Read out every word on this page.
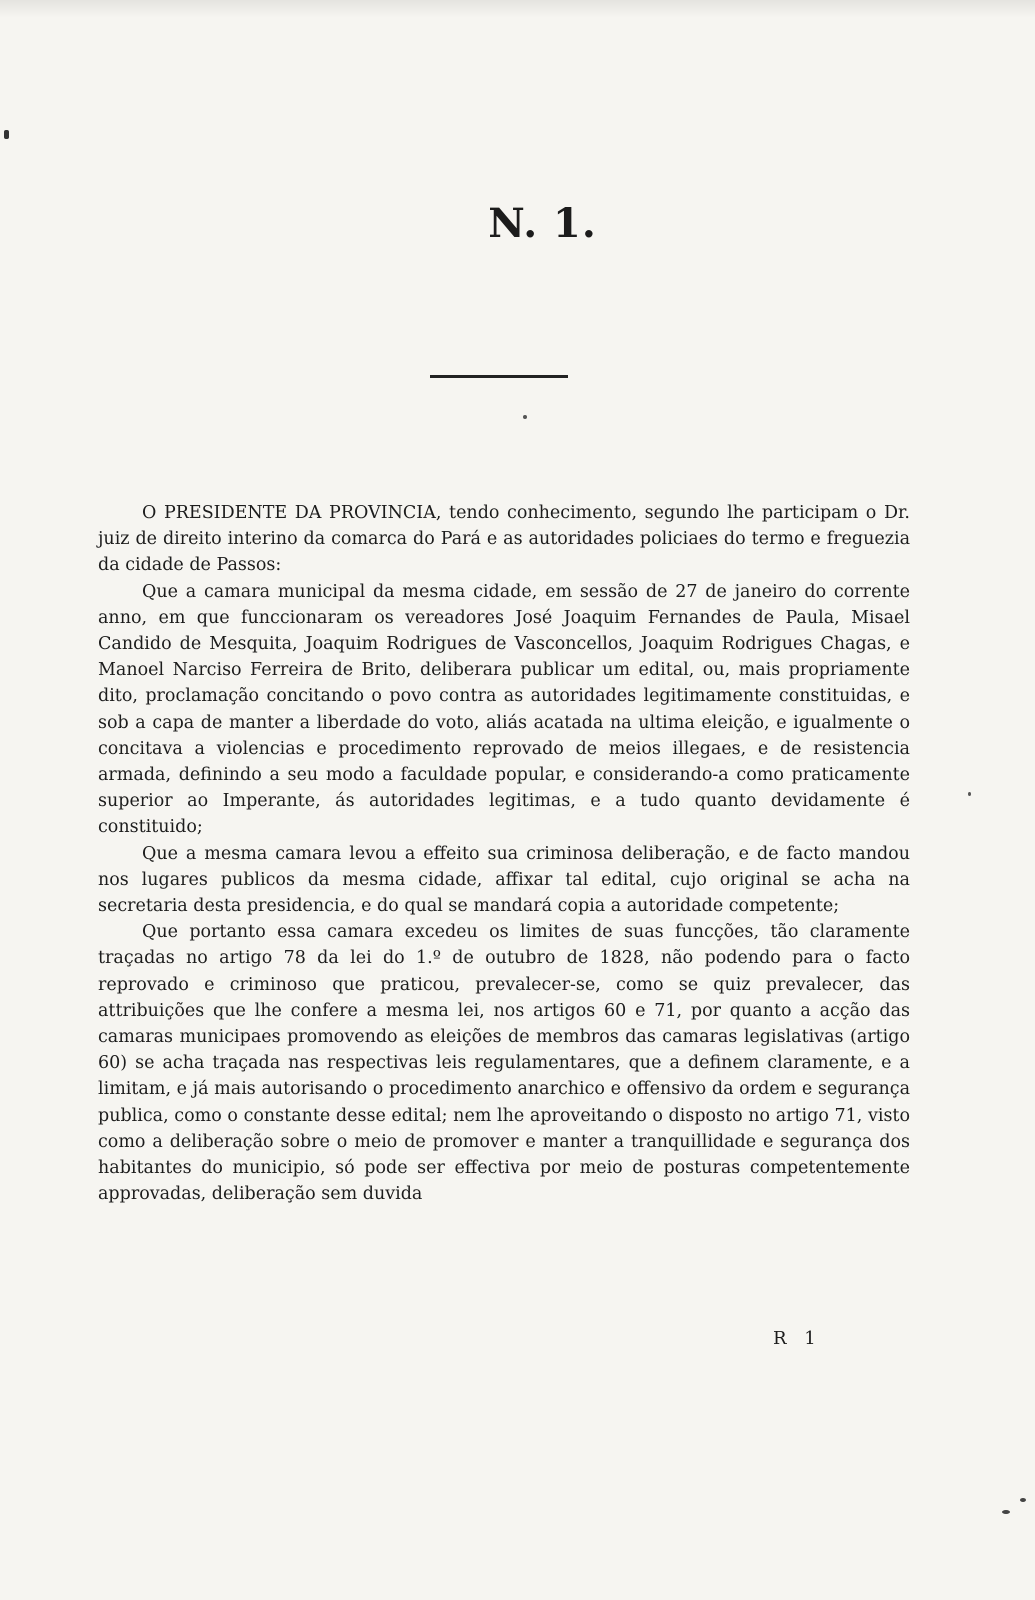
N. 1.

O PRESIDENTE DA PROVINCIA, tendo conhecimento, segundo lhe participam o Dr. juiz de direito interino da comarca do Pará e as autoridades policiaes do termo e freguezia da cidade de Passos:

Que a camara municipal da mesma cidade, em sessão de 27 de janeiro do corrente anno, em que funccionaram os vereadores José Joaquim Fernandes de Paula, Misael Candido de Mesquita, Joaquim Rodrigues de Vasconcellos, Joaquim Rodrigues Chagas, e Manoel Narciso Ferreira de Brito, deliberara publicar um edital, ou, mais propriamente dito, proclamação concitando o povo contra as autoridades legitimamente constituidas, e sob a capa de manter a liberdade do voto, aliás acatada na ultima eleição, e igualmente o concitava a violencias e procedimento reprovado de meios illegaes, e de resistencia armada, definindo a seu modo a faculdade popular, e considerando-a como praticamente superior ao Imperante, ás autoridades legitimas, e a tudo quanto devidamente é constituido;

Que a mesma camara levou a effeito sua criminosa deliberação, e de facto mandou nos lugares publicos da mesma cidade, affixar tal edital, cujo original se acha na secretaria desta presidencia, e do qual se mandará copia a autoridade competente;

Que portanto essa camara excedeu os limites de suas funcções, tão claramente traçadas no artigo 78 da lei do 1.º de outubro de 1828, não podendo para o facto reprovado e criminoso que praticou, prevalecer-se, como se quiz prevalecer, das attribuições que lhe confere a mesma lei, nos artigos 60 e 71, por quanto a acção das camaras municipaes promovendo as eleições de membros das camaras legislativas (artigo 60) se acha traçada nas respectivas leis regulamentares, que a definem claramente, e a limitam, e já mais autorisando o procedimento anarchico e offensivo da ordem e segurança publica, como o constante desse edital; nem lhe aproveitando o disposto no artigo 71, visto como a deliberação sobre o meio de promover e manter a tranquillidade e segurança dos habitantes do municipio, só pode ser effectiva por meio de posturas competentemente approvadas, deliberação sem duvida

R 1
